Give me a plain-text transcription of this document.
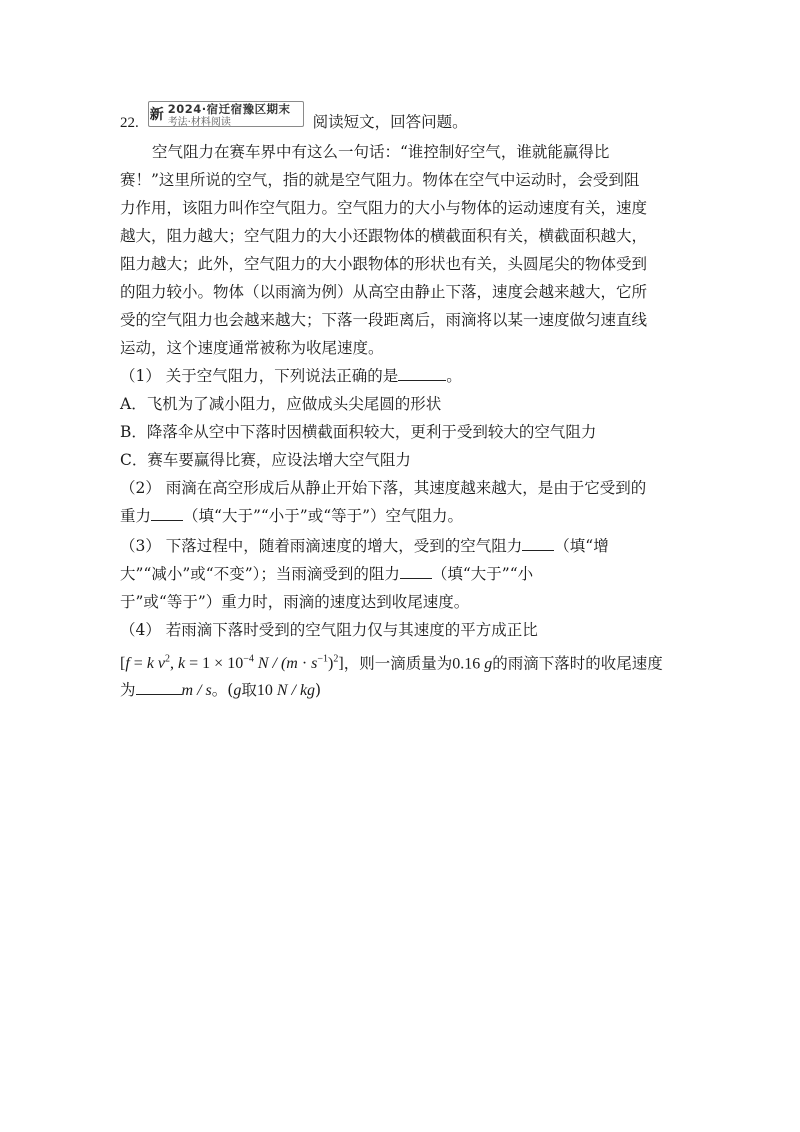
22. 新 2024·宿迁宿豫区期末
考法·材料阅读	阅读短文，回答问题。
空气阻力在赛车界中有这么一句话：“谁控制好空气，谁就能赢得比
赛！”这里所说的空气，指的就是空气阻力。物体在空气中运动时，会受到阻
力作用，该阻力叫作空气阻力。空气阻力的大小与物体的运动速度有关，速度
越大，阻力越大；空气阻力的大小还跟物体的横截面积有关，横截面积越大，
阻力越大；此外，空气阻力的大小跟物体的形状也有关，头圆尾尖的物体受到
的阻力较小。物体（以雨滴为例）从高空由静止下落，速度会越来越大，它所
受的空气阻力也会越来越大；下落一段距离后，雨滴将以某一速度做匀速直线
运动，这个速度通常被称为收尾速度。
（1） 关于空气阻力，下列说法正确的是	。
A．飞机为了减小阻力，应做成头尖尾圆的形状
B．降落伞从空中下落时因横截面积较大，更利于受到较大的空气阻力
C．赛车要赢得比赛，应设法增大空气阻力
（2） 雨滴在高空形成后从静止开始下落，其速度越来越大，是由于它受到的
重力 （填“大于”“小于”或“等于”）空气阻力。
（3） 下落过程中，随着雨滴速度的增大，受到的空气阻力 （填“增
大”“减小”或“不变”）；当雨滴受到的阻力 （填“大于”“小
于”或“等于”）重力时，雨滴的速度达到收尾速度。
（4） 若雨滴下落时受到的空气阻力仅与其速度的平方成正比
[f = k $v^2$, $k = 1 \times 10^{-4}$ $N / (m \cdot s^{-1})^2$]，则一滴质量为0.16 g的雨滴下落时的收尾速度
为	m / s。(g取10 N / kg)
